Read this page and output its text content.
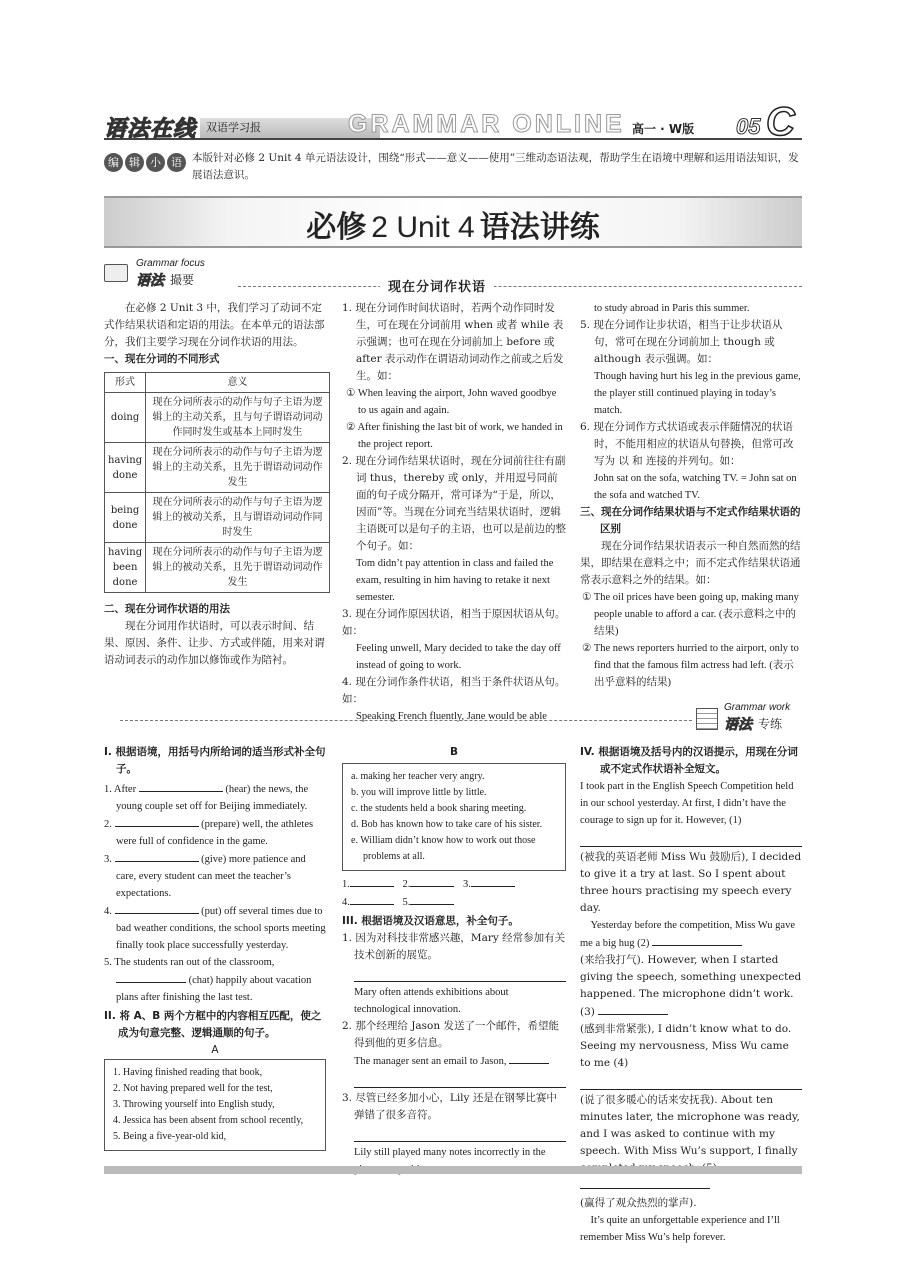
语法在线 双语学习报	GRAMMAR ONLINE 高一 · W版 05 C
编 辑 小 语 本版针对必修 2 Unit 4 单元语法设计，围绕“形式——意义——使用”三维动态语法观，帮助学生在语境中理解和运用语法知识，发展语法意识。
必修 2 Unit 4 语法讲练
Grammar focus
语法 撮要	现在分词作状语
在必修 2 Unit 3 中，我们学习了动词不定式作结果状语和定语的用法。在本单元的语法部分，我们主要学习现在分词作状语的用法。
一、现在分词的不同形式
形式	意义
doing	现在分词所表示的动作与句子主语为逻辑上的主动关系，且与句子谓语动词动作同时发生或基本上同时发生
having done	现在分词所表示的动作与句子主语为逻辑上的主动关系，且先于谓语动词动作发生
being done	现在分词所表示的动作与句子主语为逻辑上的被动关系，且与谓语动词动作同时发生
having been done	现在分词所表示的动作与句子主语为逻辑上的被动关系，且先于谓语动词动作发生
二、现在分词作状语的用法
现在分词用作状语时，可以表示时间、结果、原因、条件、让步、方式或伴随，用来对谓语动词表示的动作加以修饰或作为陪衬。
1. 现在分词作时间状语时，若两个动作同时发生，可在现在分词前用 when 或者 while 表示强调；也可在现在分词前加上 before 或 after 表示动作在谓语动词动作之前或之后发生。如：
① When leaving the airport, John waved goodbye to us again and again.
② After finishing the last bit of work, we handed in the project report.
2. 现在分词作结果状语时，现在分词前往往有副词 thus，thereby 或 only，并用逗号同前面的句子成分隔开，常可译为“于是，所以，因而”等。当现在分词充当结果状语时，逻辑主语既可以是句子的主语，也可以是前边的整个句子。如：
Tom didn’t pay attention in class and failed the exam, resulting in him having to retake it next semester.
3. 现在分词作原因状语，相当于原因状语从句。如：
Feeling unwell, Mary decided to take the day off instead of going to work.
4. 现在分词作条件状语，相当于条件状语从句。如：
Speaking French fluently, Jane would be able
to study abroad in Paris this summer.
5. 现在分词作让步状语，相当于让步状语从句，常可在现在分词前加上 though 或 although 表示强调。如：
Though having hurt his leg in the previous game, the player still continued playing in today’s match.
6. 现在分词作方式状语或表示伴随情况的状语时，不能用相应的状语从句替换，但常可改写为 以 和 连接的并列句。如：
John sat on the sofa, watching TV. = John sat on the sofa and watched TV.
三、现在分词作结果状语与不定式作结果状语的区别
现在分词作结果状语表示一种自然而然的结果，即结果在意料之中；而不定式作结果状语通常表示意料之外的结果。如：
① The oil prices have been going up, making many people unable to afford a car. (表示意料之中的结果)
② The news reporters hurried to the airport, only to find that the famous film actress had left. (表示出乎意料的结果)
Grammar work
语法 专练
I. 根据语境，用括号内所给词的适当形式补全句子。
1. After	(hear) the news, the young couple set off for Beijing immediately.
2.	(prepare) well, the athletes were full of confidence in the game.
3.	(give) more patience and care, every student can meet the teacher’s expectations.
4.	(put) off several times due to bad weather conditions, the school sports meeting finally took place successfully yesterday.
5. The students ran out of the classroom,  (chat) happily about vacation plans after finishing the last test.
II. 将 A、B 两个方框中的内容相互匹配，使之成为句意完整、逻辑通顺的句子。
A
1. Having finished reading that book,
2. Not having prepared well for the test,
3. Throwing yourself into English study,
4. Jessica has been absent from school recently,
5. Being a five-year-old kid,
B
a. making her teacher very angry.
b. you will improve little by little.
c. the students held a book sharing meeting.
d. Bob has known how to take care of his sister.
e. William didn’t know how to work out those problems at all.
1.	2.	3.
4.	5.
III. 根据语境及汉语意思，补全句子。
1. 因为对科技非常感兴趣，Mary 经常参加有关技术创新的展览。
Mary often attends exhibitions about technological innovation.
2. 那个经理给 Jason 发送了一个邮件，希望能得到他的更多信息。
The manager sent an email to Jason,
3. 尽管已经多加小心，Lily 还是在钢琴比赛中弹错了很多音符。
Lily still played many notes incorrectly in the
IV. 根据语境及括号内的汉语提示，用现在分词或不定式作状语补全短文。
I took part in the English Speech Competition held in our school yesterday. At first, I didn’t have the courage to sign up for it. However, (1)
(被我的英语老师 Miss Wu 鼓励后), I decided to give it a try at last. So I spent about three hours practising my speech every day.
Yesterday before the competition, Miss Wu gave me a big hug (2)
(来给我打气). However, when I started giving the speech, something unexpected happened. The microphone didn’t work. (3)
(感到非常紧张), I didn’t know what to do. Seeing my nervousness, Miss Wu came to me (4)
(说了很多暖心的话来安抚我). About ten minutes later, the microphone was ready, and I was asked to continue with my speech. With Miss Wu’s support, I finally
(赢得了观众热烈的掌声).
It’s quite an unforgettable experience and I’ll remember Miss Wu’s help forever.
